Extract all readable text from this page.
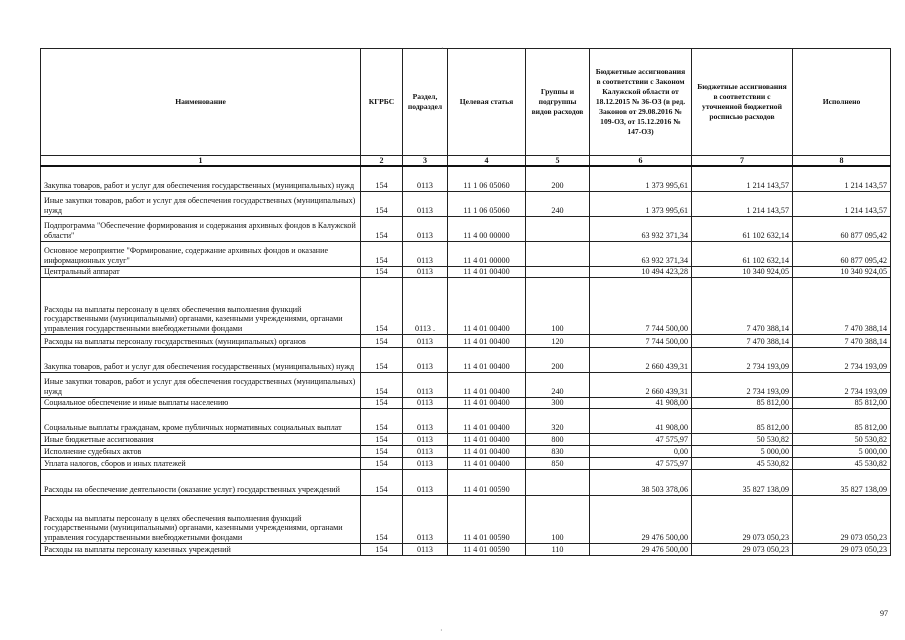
Наименование	КГРБС	Раздел, подраздел	Целевая статья	Группы и подгруппы видов расходов	Бюджетные ассигнования в соответствии с Законом Калужской области от 18.12.2015 № 36-ОЗ (в ред. Законов от 29.08.2016 № 109-ОЗ, от 15.12.2016 № 147-ОЗ)	Бюджетные ассигнования в соответствии с уточненной бюджетной росписью расходов	Исполнено
1	2	3	4	5	6	7	8
Закупка товаров, работ и услуг для обеспечения государственных (муниципальных) нужд	154	0113	11 1 06 05060	200	1 373 995,61	1 214 143,57	1 214 143,57
Иные закупки товаров, работ и услуг для обеспечения государственных (муниципальных) нужд	154	0113	11 1 06 05060	240	1 373 995,61	1 214 143,57	1 214 143,57
Подпрограмма "Обеспечение формирования и содержания архивных фондов в Калужской области"	154	0113	11 4 00 00000		63 932 371,34	61 102 632,14	60 877 095,42
Основное мероприятие "Формирование, содержание архивных фондов и оказание информационных услуг"	154	0113	11 4 01 00000		63 932 371,34	61 102 632,14	60 877 095,42
Центральный аппарат	154	0113	11 4 01 00400		10 494 423,28	10 340 924,05	10 340 924,05
Расходы на выплаты персоналу в целях обеспечения выполнения функций государственными (муниципальными) органами, казенными учреждениями, органами управления государственными внебюджетными фондами	154	0113 .	11 4 01 00400	100	7 744 500,00	7 470 388,14	7 470 388,14
Расходы на выплаты персоналу государственных (муниципальных) органов	154	0113	11 4 01 00400	120	7 744 500,00	7 470 388,14	7 470 388,14
Закупка товаров, работ и услуг для обеспечения государственных (муниципальных) нужд	154	0113	11 4 01 00400	200	2 660 439,31	2 734 193,09	2 734 193,09
Иные закупки товаров, работ и услуг для обеспечения государственных (муниципальных) нужд	154	0113	11 4 01 00400	240	2 660 439,31	2 734 193,09	2 734 193,09
Социальное обеспечение и иные выплаты населению	154	0113	11 4 01 00400	300	41 908,00	85 812,00	85 812,00
Социальные выплаты гражданам, кроме публичных нормативных социальных выплат	154	0113	11 4 01 00400	320	41 908,00	85 812,00	85 812,00
Иные бюджетные ассигнования	154	0113	11 4 01 00400	800	47 575,97	50 530,82	50 530,82
Исполнение судебных актов	154	0113	11 4 01 00400	830	0,00	5 000,00	5 000,00
Уплата налогов, сборов и иных платежей	154	0113	11 4 01 00400	850	47 575,97	45 530,82	45 530,82
Расходы на обеспечение деятельности (оказание услуг) государственных учреждений	154	0113	11 4 01 00590		38 503 378,06	35 827 138,09	35 827 138,09
Расходы на выплаты персоналу в целях обеспечения выполнения функций государственными (муниципальными) органами, казенными учреждениями, органами управления государственными внебюджетными фондами	154	0113	11 4 01 00590	100	29 476 500,00	29 073 050,23	29 073 050,23
Расходы на выплаты персоналу казенных учреждений	154	0113	11 4 01 00590	110	29 476 500,00	29 073 050,23	29 073 050,23
·
·
97
